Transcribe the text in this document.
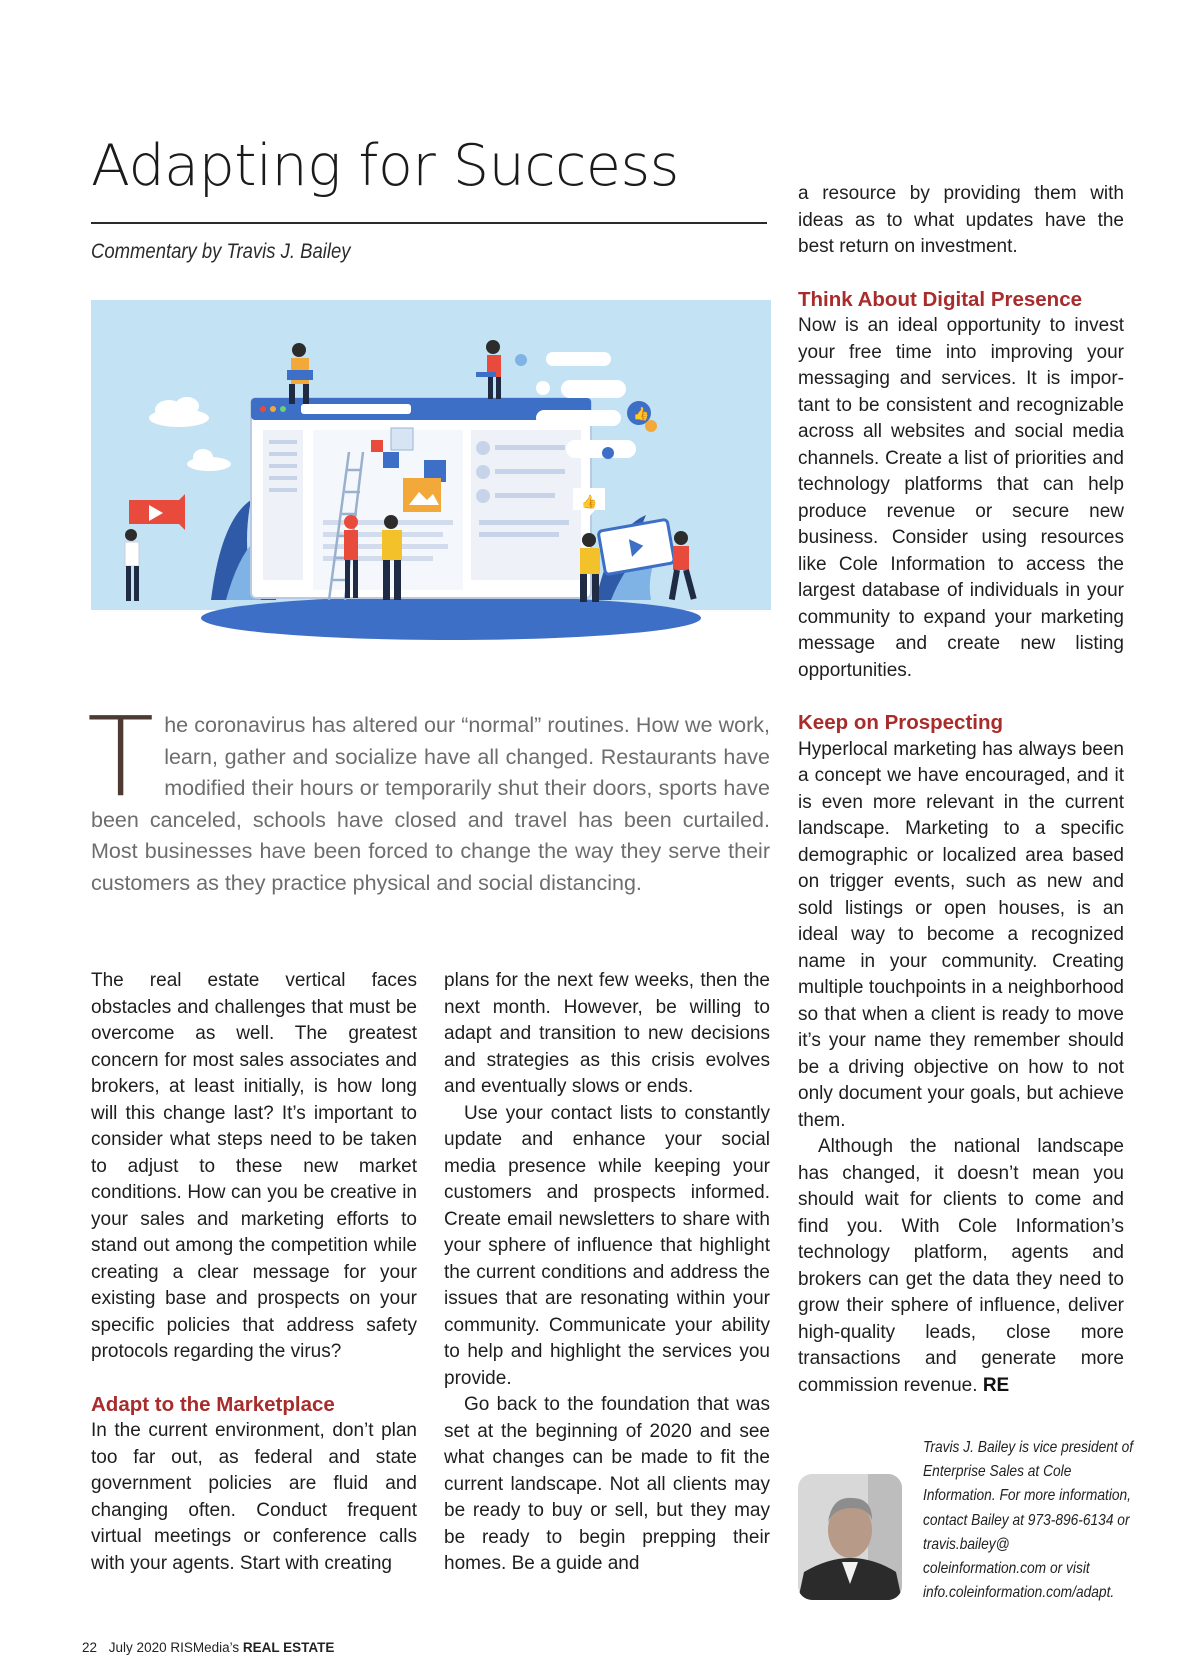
Adapting for Success

Commentary by Travis J. Bailey

👍
👍

The coronavirus has altered our “normal” routines. How we work, learn, gather and socialize have all changed. Restaurants have modified their hours or temporarily shut their doors, sports have been canceled, schools have closed and travel has been curtailed. Most businesses have been forced to change the way they serve their customers as they practice physical and social distancing.

The real estate vertical faces obstacles and challenges that must be overcome as well. The greatest concern for most sales associates and brokers, at least initially, is how long will this change last? It’s important to consider what steps need to be taken to adjust to these new market conditions. How can you be creative in your sales and marketing efforts to stand out among the competition while creating a clear message for your existing base and prospects on your specific policies that address safety protocols regarding the virus?

Adapt to the Marketplace

In the current environment, don’t plan too far out, as federal and state government policies are fluid and changing often. Conduct frequent virtual meetings or conference calls with your agents. Start with creating

plans for the next few weeks, then the next month. However, be willing to adapt and transition to new decisions and strategies as this crisis evolves and eventually slows or ends.

Use your contact lists to constantly update and enhance your social media presence while keeping your customers and prospects informed. Create email newsletters to share with your sphere of influence that highlight the current conditions and address the issues that are resonating within your community. Communicate your ability to help and highlight the services you provide.

Go back to the foundation that was set at the beginning of 2020 and see what changes can be made to fit the current landscape. Not all clients may be ready to buy or sell, but they may be ready to begin prepping their homes. Be a guide and

a resource by providing them with ideas as to what updates have the best return on investment.

Think About Digital Presence

Now is an ideal opportunity to invest your free time into improving your messaging and services. It is important to be consistent and recognizable across all websites and social media channels. Create a list of priorities and technology platforms that can help produce revenue or secure new business. Consider using resources like Cole Information to access the largest database of individuals in your community to expand your marketing message and create new listing opportunities.

Keep on Prospecting

Hyperlocal marketing has always been a concept we have encouraged, and it is even more relevant in the current landscape. Marketing to a specific demographic or localized area based on trigger events, such as new and sold listings or open houses, is an ideal way to become a recognized name in your community. Creating multiple touchpoints in a neighborhood so that when a client is ready to move it’s your name they remember should be a driving objective on how to not only document your goals, but achieve them.

Although the national landscape has changed, it doesn’t mean you should wait for clients to come and find you. With Cole Information’s technology platform, agents and brokers can get the data they need to grow their sphere of influence, deliver high-quality leads, close more transactions and generate more commission revenue. RE

Travis J. Bailey is vice president of Enterprise Sales at Cole Information. For more information, contact Bailey at 973-896-6134 or travis.bailey@ coleinformation.com or visit info.coleinformation.com/adapt.

22 July 2020 RISMedia’s REAL ESTATE
